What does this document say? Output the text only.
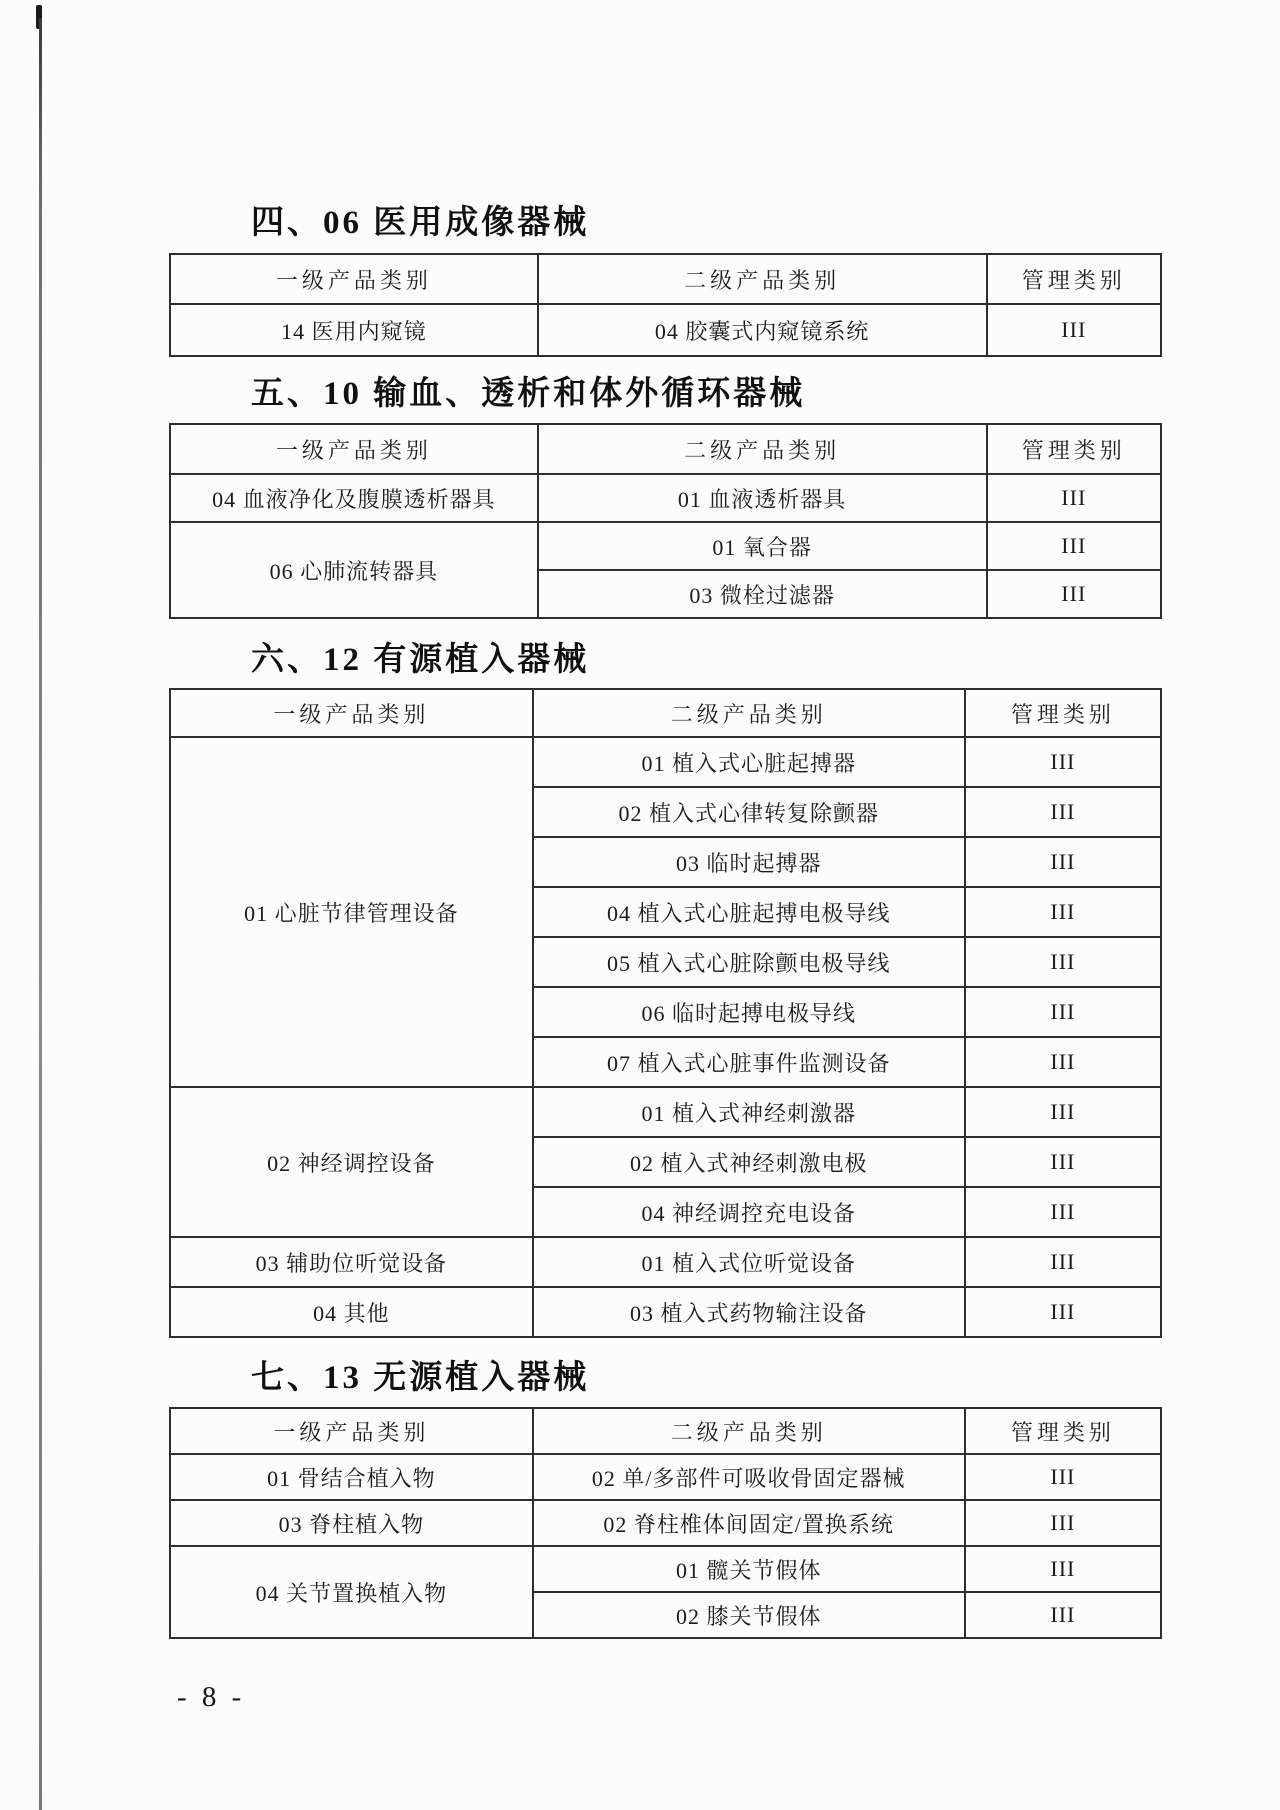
四、06 医用成像器械
一级产品类别	二级产品类别	管理类别
14 医用内窥镜	04 胶囊式内窥镜系统	III
五、10 输血、透析和体外循环器械
一级产品类别	二级产品类别	管理类别
04 血液净化及腹膜透析器具	01 血液透析器具	III
06 心肺流转器具	01 氧合器	III
	03 微栓过滤器	III
六、12 有源植入器械
一级产品类别	二级产品类别	管理类别
01 心脏节律管理设备	01 植入式心脏起搏器	III
	02 植入式心律转复除颤器	III
	03 临时起搏器	III
	04 植入式心脏起搏电极导线	III
	05 植入式心脏除颤电极导线	III
	06 临时起搏电极导线	III
	07 植入式心脏事件监测设备	III
02 神经调控设备	01 植入式神经刺激器	III
	02 植入式神经刺激电极	III
	04 神经调控充电设备	III
03 辅助位听觉设备	01 植入式位听觉设备	III
04 其他	03 植入式药物输注设备	III
七、13 无源植入器械
一级产品类别	二级产品类别	管理类别
01 骨结合植入物	02 单/多部件可吸收骨固定器械	III
03 脊柱植入物	02 脊柱椎体间固定/置换系统	III
04 关节置换植入物	01 髋关节假体	III
	02 膝关节假体	III
- 8 -
